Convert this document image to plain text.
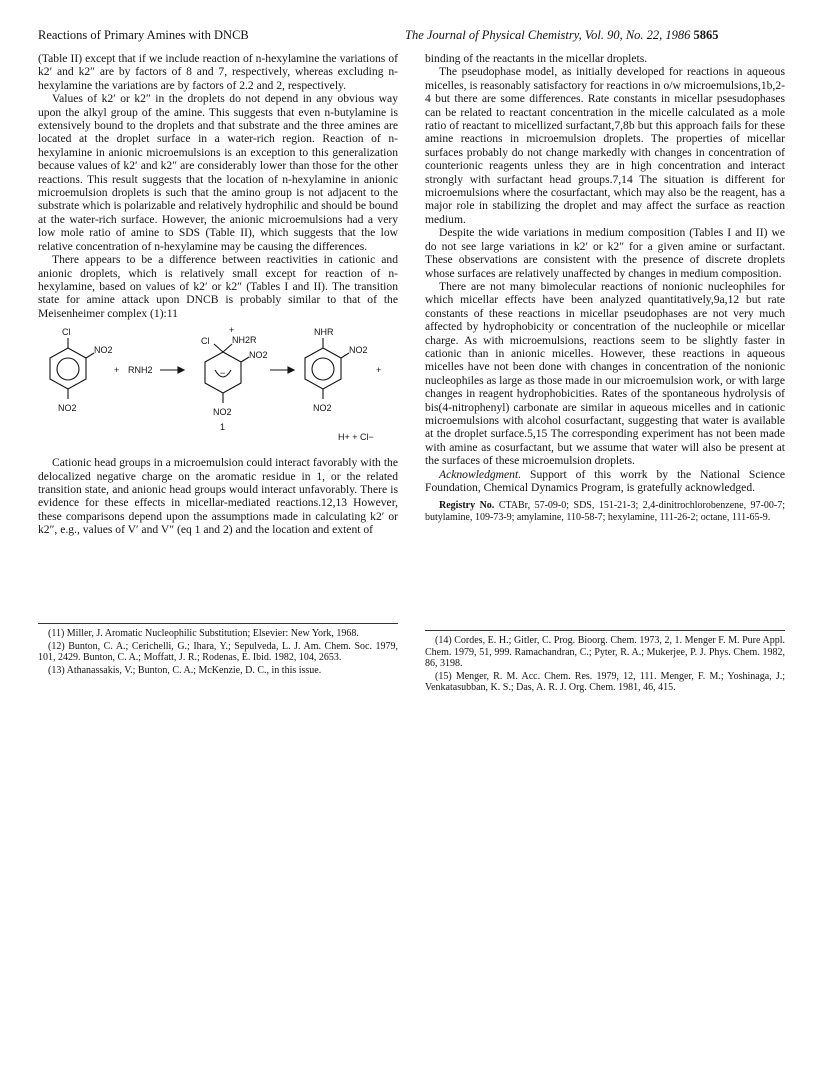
Reactions of Primary Amines with DNCB	The Journal of Physical Chemistry, Vol. 90, No. 22, 1986 5865

(Table II) except that if we include reaction of n-hexylamine the variations of k2′ and k2″ are by factors of 8 and 7, respectively, whereas excluding n-hexylamine the variations are by factors of 2.2 and 2, respectively.

Values of k2′ or k2″ in the droplets do not depend in any obvious way upon the alkyl group of the amine. This suggests that even n-butylamine is extensively bound to the droplets and that substrate and the three amines are located at the droplet surface in a water-rich region. Reaction of n-hexylamine in anionic microemulsions is an exception to this generalization because values of k2′ and k2″ are considerably lower than those for the other reactions. This result suggests that the location of n-hexylamine in anionic microemulsion droplets is such that the amino group is not adjacent to the substrate which is polarizable and relatively hydrophilic and should be bound at the water-rich surface. However, the anionic microemulsions had a very low mole ratio of amine to SDS (Table II), which suggests that the low relative concentration of n-hexylamine may be causing the differences.

There appears to be a difference between reactivities in cationic and anionic droplets, which is relatively small except for reaction of n-hexylamine, based on values of k2′ or k2″ (Tables I and II). The transition state for amine attack upon DNCB is probably similar to that of the Meisenheimer complex (1):11

Cl
NO2
NO2
+ RNH2	−
+
Cl	NH2R
NO2
NO2
1
NHR
NO2
NO2
+
H+ + Cl−

Cationic head groups in a microemulsion could interact favorably with the delocalized negative charge on the aromatic residue in 1, or the related transition state, and anionic head groups would interact unfavorably. There is evidence for these effects in micellar-mediated reactions.12,13 However, these comparisons depend upon the assumptions made in calculating k2′ or k2″, e.g., values of V′ and V″ (eq 1 and 2) and the location and extent of

binding of the reactants in the micellar droplets.

The pseudophase model, as initially developed for reactions in aqueous micelles, is reasonably satisfactory for reactions in o/w microemulsions,1b,2-4 but there are some differences. Rate constants in micellar psesudophases can be related to reactant concentration in the micelle calculated as a mole ratio of reactant to micellized surfactant,7,8b but this approach fails for these amine reactions in microemulsion droplets. The properties of micellar surfaces probably do not change markedly with changes in concentration of counterionic reagents unless they are in high concentration and interact strongly with surfactant head groups.7,14 The situation is different for microemulsions where the cosurfactant, which may also be the reagent, has a major role in stabilizing the droplet and may affect the surface as reaction medium.

Despite the wide variations in medium composition (Tables I and II) we do not see large variations in k2′ or k2″ for a given amine or surfactant. These observations are consistent with the presence of discrete droplets whose surfaces are relatively unaffected by changes in medium composition.

There are not many bimolecular reactions of nonionic nucleophiles for which micellar effects have been analyzed quantitatively,9a,12 but rate constants of these reactions in micellar pseudophases are not very much affected by hydrophobicity or concentration of the nucleophile or micellar charge. As with microemulsions, reactions seem to be slightly faster in cationic than in anionic micelles. However, these reactions in aqueous micelles have not been done with changes in concentration of the nonionic nucleophiles as large as those made in our microemulsion work, or with large changes in reagent hydrophobicities. Rates of the spontaneous hydrolysis of bis(4-nitrophenyl) carbonate are similar in aqueous micelles and in cationic microemulsions with alcohol cosurfactant, suggesting that water is available at the droplet surface.5,15 The corresponding experiment has not been made with amine as cosurfactant, but we assume that water will also be present at the surfaces of these microemulsion droplets.

Acknowledgment. Support of this worrk by the National Science Foundation, Chemical Dynamics Program, is gratefully acknowledged.

Registry No. CTABr, 57-09-0; SDS, 151-21-3; 2,4-dinitrochlorobenzene, 97-00-7; butylamine, 109-73-9; amylamine, 110-58-7; hexylamine, 111-26-2; octane, 111-65-9.

(11) Miller, J. Aromatic Nucleophilic Substitution; Elsevier: New York, 1968.

(12) Bunton, C. A.; Cerichelli, G.; Ihara, Y.; Sepulveda, L. J. Am. Chem. Soc. 1979, 101, 2429. Bunton, C. A.; Moffatt, J. R.; Rodenas, E. Ibid. 1982, 104, 2653.

(13) Athanassakis, V.; Bunton, C. A.; McKenzie, D. C., in this issue.

(14) Cordes, E. H.; Gitler, C. Prog. Bioorg. Chem. 1973, 2, 1. Menger F. M. Pure Appl. Chem. 1979, 51, 999. Ramachandran, C.; Pyter, R. A.; Mukerjee, P. J. Phys. Chem. 1982, 86, 3198.

(15) Menger, R. M. Acc. Chem. Res. 1979, 12, 111. Menger, F. M.; Yoshinaga, J.; Venkatasubban, K. S.; Das, A. R. J. Org. Chem. 1981, 46, 415.
